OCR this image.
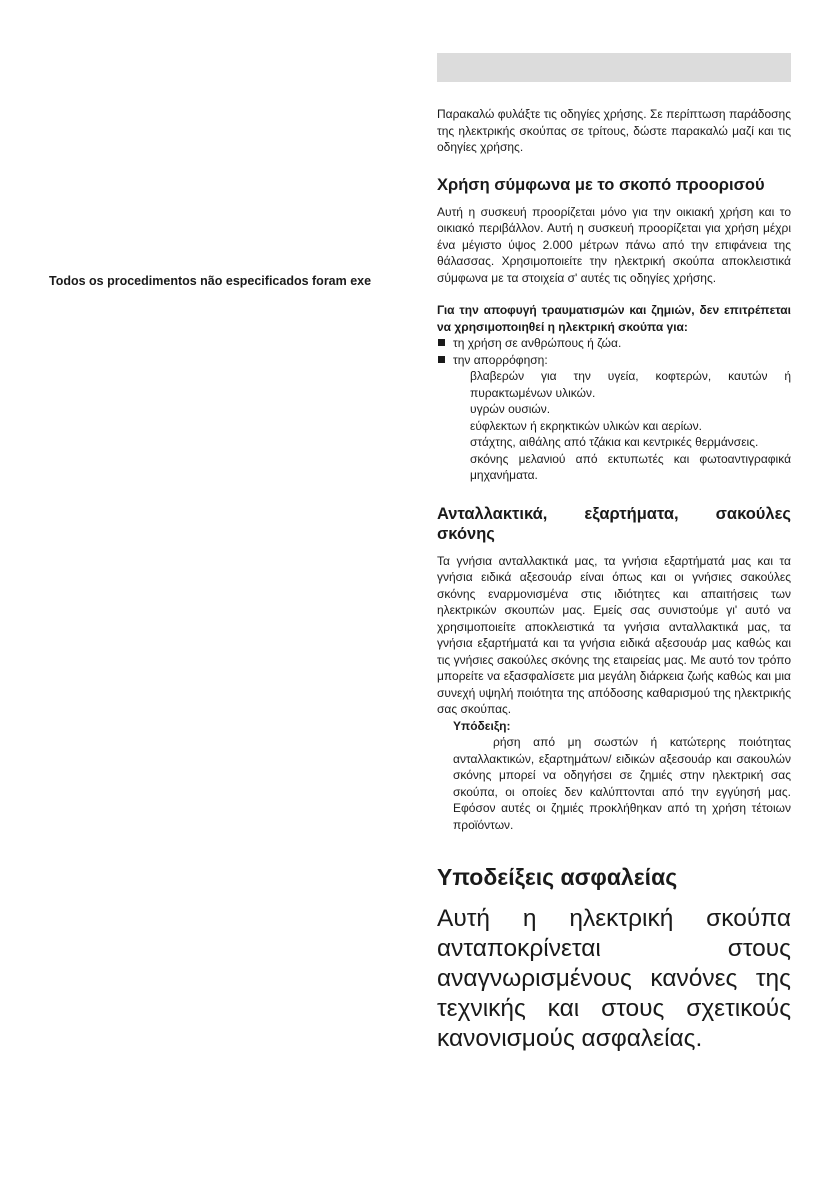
Todos os procedimentos não especificados foram exe

Παρακαλώ φυλάξτε τις οδηγίες χρήσης. Σε περίπτωση παράδοσης της ηλεκτρικής σκούπας σε τρίτους, δώστε παρακαλώ μαζί και τις οδηγίες χρήσης.

Χρήση σύμφωνα με το σκοπό προορισού

Αυτή η συσκευή προορίζεται μόνο για την οικιακή χρήση και το οικιακό περιβάλλον. Αυτή η συσκευή προορίζεται για χρήση μέχρι ένα μέγιστο ύψος 2.000 μέτρων πάνω από την επιφάνεια της θάλασσας. Χρησιμοποιείτε την ηλεκτρική σκούπα αποκλειστικά σύμφωνα με τα στοιχεία σ' αυτές τις οδηγίες χρήσης.

Για την αποφυγή τραυματισμών και ζημιών, δεν επιτρέπεται να χρησιμοποιηθεί η ηλεκτρική σκούπα για:

τη χρήση σε ανθρώπους ή ζώα.
την απορρόφηση:
βλαβερών για την υγεία, κοφτερών, καυτών ή πυρακτωμένων υλικών.
υγρών ουσιών.
εύφλεκτων ή εκρηκτικών υλικών και αερίων.
στάχτης, αιθάλης από τζάκια και κεντρικές θερμάνσεις.
σκόνης μελανιού από εκτυπωτές και φωτοαντιγραφικά μηχανήματα.
Ανταλλακτικά, εξαρτήματα, σακούλες
σκόνης

Τα γνήσια ανταλλακτικά μας, τα γνήσια εξαρτήματά μας και τα γνήσια ειδικά αξεσουάρ είναι όπως και οι γνήσιες σακούλες σκόνης εναρμονισμένα στις ιδιότητες και απαιτήσεις των ηλεκτρικών σκουπών μας. Εμείς σας συνιστούμε γι' αυτό να χρησιμοποιείτε αποκλειστικά τα γνήσια ανταλλακτικά μας, τα γνήσια εξαρτήματά και τα γνήσια ειδικά αξεσουάρ μας καθώς και τις γνήσιες σακούλες σκόνης της εταιρείας μας. Με αυτό τον τρόπο μπορείτε να εξασφαλίσετε μια μεγάλη διάρκεια ζωής καθώς και μια συνεχή υψηλή ποιότητα της απόδοσης καθαρισμού της ηλεκτρικής σας σκούπας.

Υπόδειξη:

ρήση από μη σωστών ή κατώτερης ποιότητας ανταλλακτικών, εξαρτημάτων/ ειδικών αξεσουάρ και σακουλών σκόνης μπορεί να οδηγήσει σε ζημιές στην ηλεκτρική σας σκούπα, οι οποίες δεν καλύπτονται από την εγγύησή μας. Εφόσον αυτές οι ζημιές προκλήθηκαν από τη χρήση τέτοιων προϊόντων.

Υποδείξεις ασφαλείας

Αυτή η ηλεκτρική σκούπα ανταποκρίνεται στους αναγνωρισμένους κανόνες της τεχνικής και στους σχετικούς κανονισμούς ασφαλείας.
